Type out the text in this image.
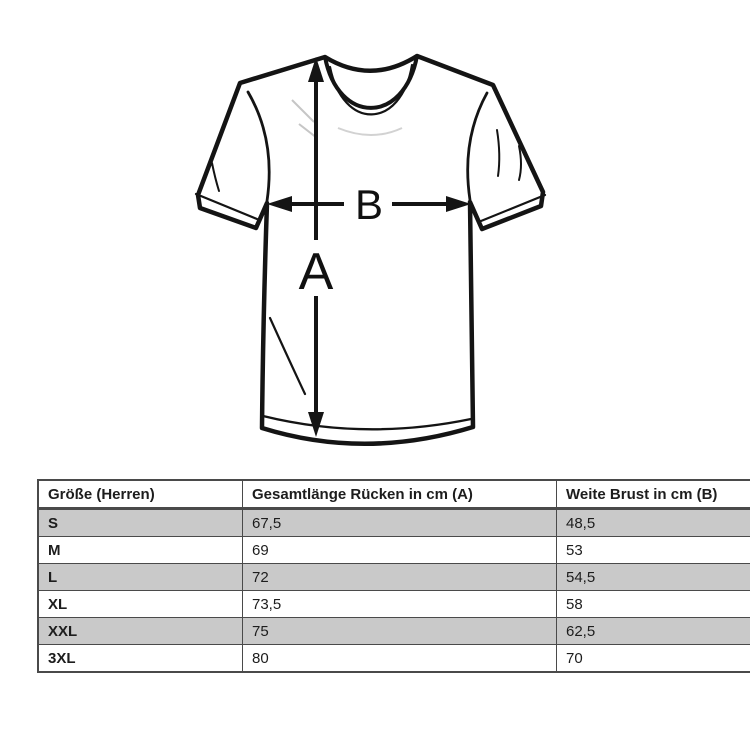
A
B
Größe (Herren)	Gesamtlänge Rücken in cm (A)	Weite Brust in cm (B)
S	67,5	48,5
M	69	53
L	72	54,5
XL	73,5	58
XXL	75	62,5
3XL	80	70
